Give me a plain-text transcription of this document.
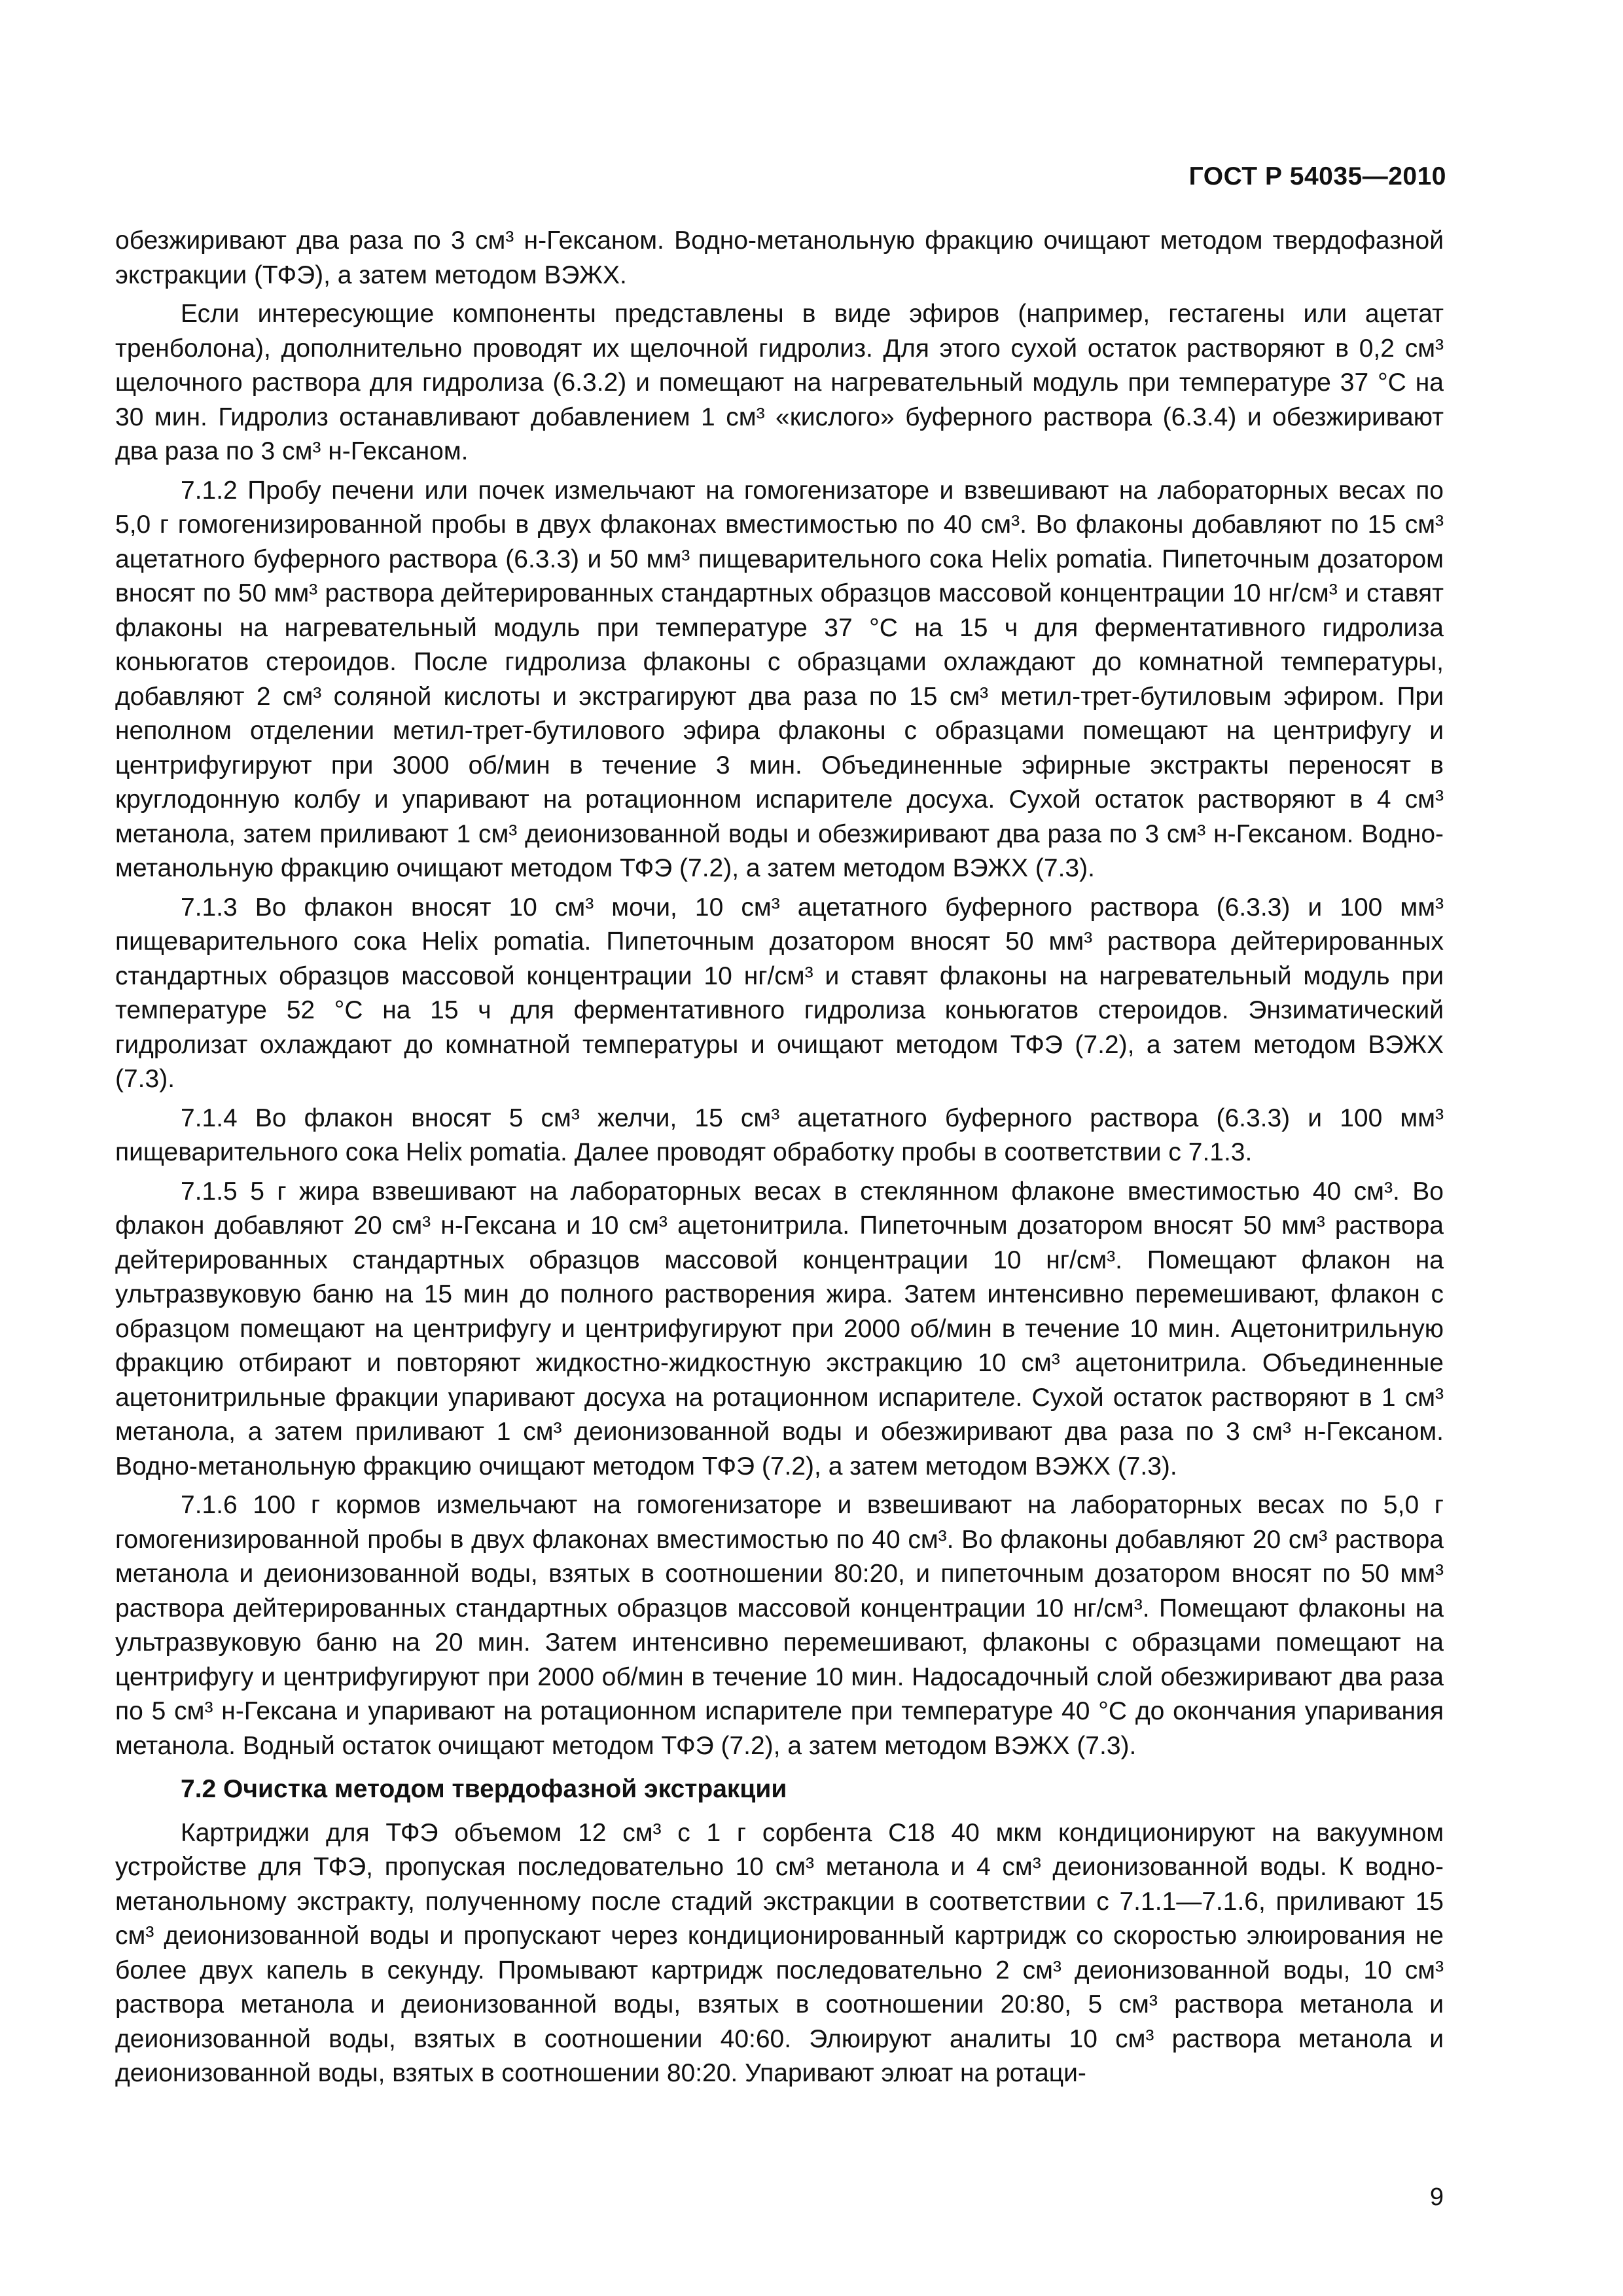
ГОСТ Р 54035—2010

обезжиривают два раза по 3 см³ н-Гексаном. Водно-метанольную фракцию очищают методом твердофазной экстракции (ТФЭ), а затем методом ВЭЖХ.

Если интересующие компоненты представлены в виде эфиров (например, гестагены или ацетат тренболона), дополнительно проводят их щелочной гидролиз. Для этого сухой остаток растворяют в 0,2 см³ щелочного раствора для гидролиза (6.3.2) и помещают на нагревательный модуль при температуре 37 °С на 30 мин. Гидролиз останавливают добавлением 1 см³ «кислого» буферного раствора (6.3.4) и обезжиривают два раза по 3 см³ н-Гексаном.

7.1.2 Пробу печени или почек измельчают на гомогенизаторе и взвешивают на лабораторных весах по 5,0 г гомогенизированной пробы в двух флаконах вместимостью по 40 см³. Во флаконы добавляют по 15 см³ ацетатного буферного раствора (6.3.3) и 50 мм³ пищеварительного сока Helix pomatia. Пипеточным дозатором вносят по 50 мм³ раствора дейтерированных стандартных образцов массовой концентрации 10 нг/см³ и ставят флаконы на нагревательный модуль при температуре 37 °С на 15 ч для ферментативного гидролиза коньюгатов стероидов. После гидролиза флаконы с образцами охлаждают до комнатной температуры, добавляют 2 см³ соляной кислоты и экстрагируют два раза по 15 см³ метил-трет-бутиловым эфиром. При неполном отделении метил-трет-бутилового эфира флаконы с образцами помещают на центрифугу и центрифугируют при 3000 об/мин в течение 3 мин. Объединенные эфирные экстракты переносят в круглодонную колбу и упаривают на ротационном испарителе досуха. Сухой остаток растворяют в 4 см³ метанола, затем приливают 1 см³ деионизованной воды и обезжиривают два раза по 3 см³ н-Гексаном. Водно-метанольную фракцию очищают методом ТФЭ (7.2), а затем методом ВЭЖХ (7.3).

7.1.3 Во флакон вносят 10 см³ мочи, 10 см³ ацетатного буферного раствора (6.3.3) и 100 мм³ пищеварительного сока Helix pomatia. Пипеточным дозатором вносят 50 мм³ раствора дейтерированных стандартных образцов массовой концентрации 10 нг/см³ и ставят флаконы на нагревательный модуль при температуре 52 °С на 15 ч для ферментативного гидролиза коньюгатов стероидов. Энзиматический гидролизат охлаждают до комнатной температуры и очищают методом ТФЭ (7.2), а затем методом ВЭЖХ (7.3).

7.1.4 Во флакон вносят 5 см³ желчи, 15 см³ ацетатного буферного раствора (6.3.3) и 100 мм³ пищеварительного сока Helix pomatia. Далее проводят обработку пробы в соответствии с 7.1.3.

7.1.5 5 г жира взвешивают на лабораторных весах в стеклянном флаконе вместимостью 40 см³. Во флакон добавляют 20 см³ н-Гексана и 10 см³ ацетонитрила. Пипеточным дозатором вносят 50 мм³ раствора дейтерированных стандартных образцов массовой концентрации 10 нг/см³. Помещают флакон на ультразвуковую баню на 15 мин до полного растворения жира. Затем интенсивно перемешивают, флакон с образцом помещают на центрифугу и центрифугируют при 2000 об/мин в течение 10 мин. Ацетонитрильную фракцию отбирают и повторяют жидкостно-жидкостную экстракцию 10 см³ ацетонитрила. Объединенные ацетонитрильные фракции упаривают досуха на ротационном испарителе. Сухой остаток растворяют в 1 см³ метанола, а затем приливают 1 см³ деионизованной воды и обезжиривают два раза по 3 см³ н-Гексаном. Водно-метанольную фракцию очищают методом ТФЭ (7.2), а затем методом ВЭЖХ (7.3).

7.1.6 100 г кормов измельчают на гомогенизаторе и взвешивают на лабораторных весах по 5,0 г гомогенизированной пробы в двух флаконах вместимостью по 40 см³. Во флаконы добавляют 20 см³ раствора метанола и деионизованной воды, взятых в соотношении 80:20, и пипеточным дозатором вносят по 50 мм³ раствора дейтерированных стандартных образцов массовой концентрации 10 нг/см³. Помещают флаконы на ультразвуковую баню на 20 мин. Затем интенсивно перемешивают, флаконы с образцами помещают на центрифугу и центрифугируют при 2000 об/мин в течение 10 мин. Надосадочный слой обезжиривают два раза по 5 см³ н-Гексана и упаривают на ротационном испарителе при температуре 40 °С до окончания упаривания метанола. Водный остаток очищают методом ТФЭ (7.2), а затем методом ВЭЖХ (7.3).

7.2 Очистка методом твердофазной экстракции

Картриджи для ТФЭ объемом 12 см³ с 1 г сорбента С18 40 мкм кондиционируют на вакуумном устройстве для ТФЭ, пропуская последовательно 10 см³ метанола и 4 см³ деионизованной воды. К водно-метанольному экстракту, полученному после стадий экстракции в соответствии с 7.1.1—7.1.6, приливают 15 см³ деионизованной воды и пропускают через кондиционированный картридж со скоростью элюирования не более двух капель в секунду. Промывают картридж последовательно 2 см³ деионизованной воды, 10 см³ раствора метанола и деионизованной воды, взятых в соотношении 20:80, 5 см³ раствора метанола и деионизованной воды, взятых в соотношении 40:60. Элюируют аналиты 10 см³ раствора метанола и деионизованной воды, взятых в соотношении 80:20. Упаривают элюат на ротаци-

9
